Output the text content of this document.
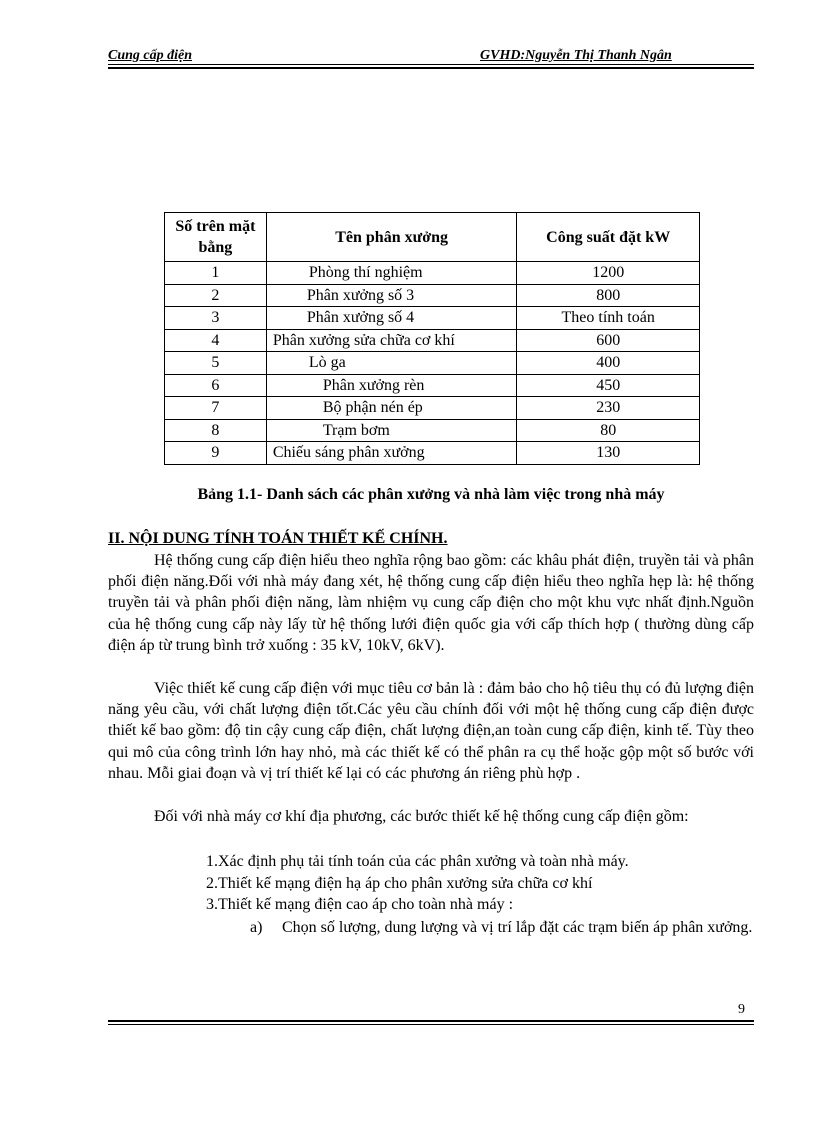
Cung cấp điện	GVHD:Nguyễn Thị Thanh Ngân
Số trên mặt bằng	Tên phân xưởng	Công suất đặt kW
1	Phòng thí nghiệm	1200
2	Phân xưởng số 3	800
3	Phân xưởng số 4	Theo tính toán
4	Phân xưởng sửa chữa cơ khí	600
5	Lò ga	400
6	Phân xưởng rèn	450
7	Bộ phận nén ép	230
8	Trạm bơm	80
9	Chiếu sáng phân xưởng	130
Bảng 1.1- Danh sách các phân xưởng và nhà làm việc trong nhà máy
II. NỘI DUNG TÍNH TOÁN THIẾT KẾ CHÍNH.

Hệ thống cung cấp điện hiểu theo nghĩa rộng bao gồm: các khâu phát điện, truyền tải và phân phối điện năng.Đối với nhà máy đang xét, hệ thống cung cấp điện hiểu theo nghĩa hẹp là: hệ thống truyền tải và phân phối điện năng, làm nhiệm vụ cung cấp điện cho một khu vực nhất định.Nguồn của hệ thống cung cấp này lấy từ hệ thống lưới điện quốc gia với cấp thích hợp ( thường dùng cấp điện áp từ trung bình trở xuống : 35 kV, 10kV, 6kV).

Việc thiết kế cung cấp điện với mục tiêu cơ bản là : đảm bảo cho hộ tiêu thụ có đủ lượng điện năng yêu cầu, với chất lượng điện tốt.Các yêu cầu chính đối với một hệ thống cung cấp điện được thiết kế bao gồm: độ tin cậy cung cấp điện, chất lượng điện,an toàn cung cấp điện, kinh tế. Tùy theo qui mô của công trình lớn hay nhỏ, mà các thiết kế có thể phân ra cụ thể hoặc gộp một số bước với nhau. Mỗi giai đoạn và vị trí thiết kế lại có các phương án riêng phù hợp .

Đối với nhà máy cơ khí địa phương, các bước thiết kế hệ thống cung cấp điện gồm:

1.Xác định phụ tải tính toán của các phân xưởng và toàn nhà máy.
2.Thiết kế mạng điện hạ áp cho phân xưởng sửa chữa cơ khí
3.Thiết kế mạng điện cao áp cho toàn nhà máy :
a) Chọn số lượng, dung lượng và vị trí lắp đặt các trạm biến áp phân xưởng.
9
